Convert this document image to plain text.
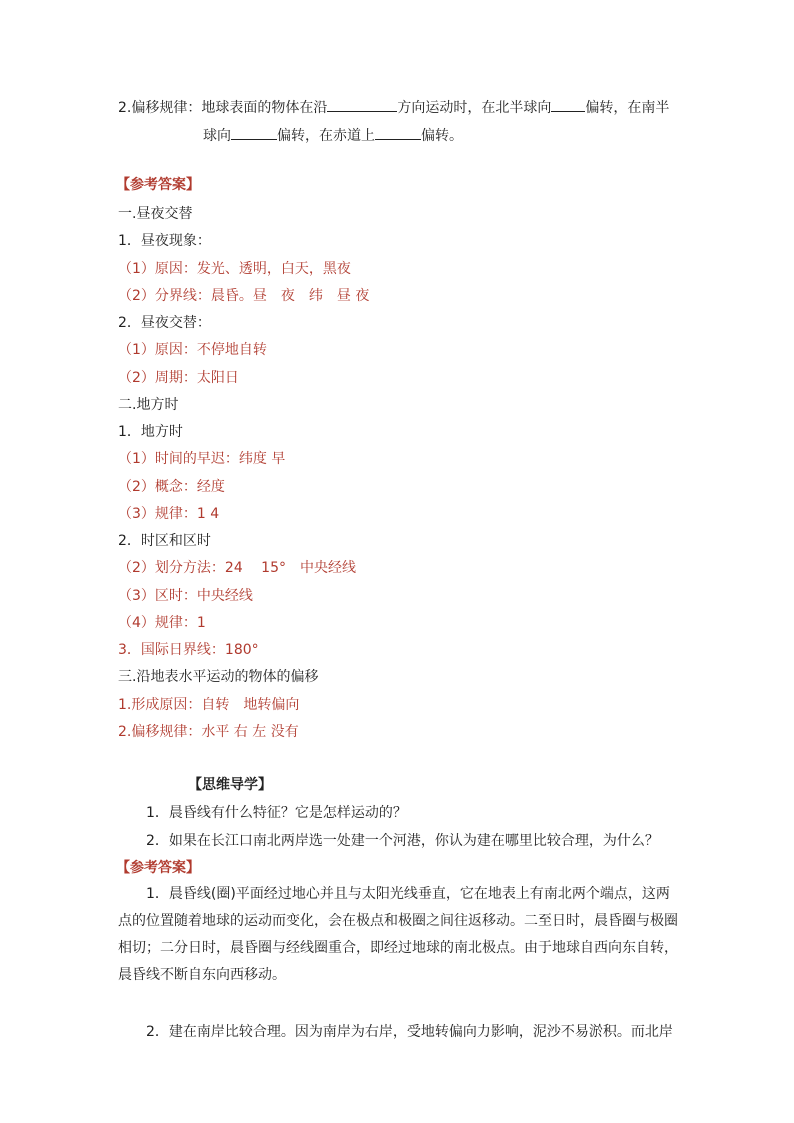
2.偏移规律：地球表面的物体在沿	方向运动时，在北半球向 偏转，在南半
球向	偏转，在赤道上	偏转。
【参考答案】
一.昼夜交替
1．昼夜现象：
（1）原因：发光、透明，白天，黑夜
（2）分界线：晨昏。昼　夜　纬　昼 夜
2．昼夜交替：
（1）原因：不停地自转
（2）周期：太阳日
二.地方时
1．地方时
（1）时间的早迟：纬度 早
（2）概念：经度
（3）规律：1 4
2．时区和区时
（2）划分方法：24　 15°　中央经线
（3）区时：中央经线
（4）规律：1
3．国际日界线：180°
三.沿地表水平运动的物体的偏移
1.形成原因：自转　地转偏向
2.偏移规律：水平 右 左 没有
【思维导学】
1．晨昏线有什么特征？它是怎样运动的？
2．如果在长江口南北两岸选一处建一个河港，你认为建在哪里比较合理，为什么？
【参考答案】
1．晨昏线(圈)平面经过地心并且与太阳光线垂直，它在地表上有南北两个端点，这两点的位置随着地球的运动而变化，会在极点和极圈之间往返移动。二至日时，晨昏圈与极圈相切；二分日时，晨昏圈与经线圈重合，即经过地球的南北极点。由于地球自西向东自转，晨昏线不断自东向西移动。
2．建在南岸比较合理。因为南岸为右岸，受地转偏向力影响，泥沙不易淤积。而北岸
